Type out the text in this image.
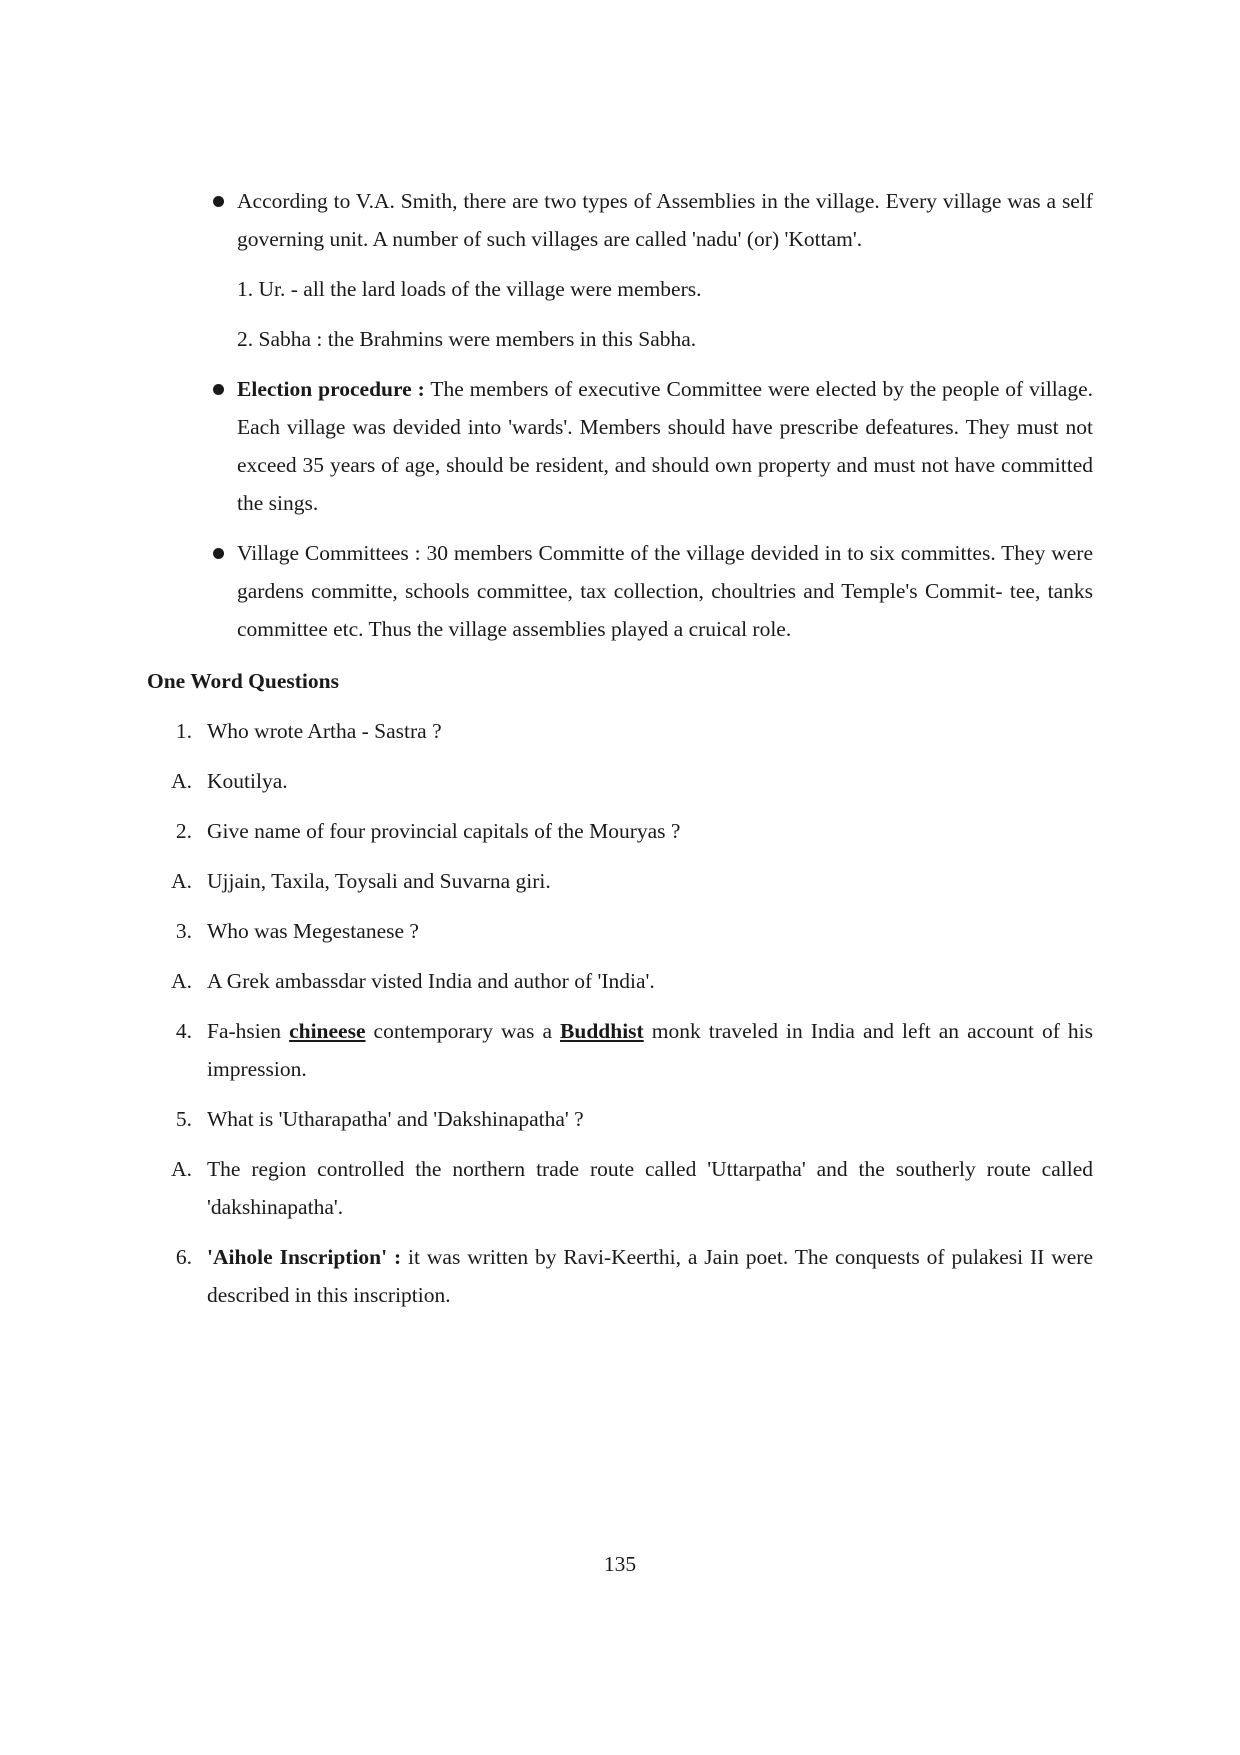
According to V.A. Smith, there are two types of Assemblies in the village. Every village was a self governing unit. A number of such villages are called 'nadu' (or) 'Kottam'.
1. Ur. - all the lard loads of the village were members.
2. Sabha : the Brahmins were members in this Sabha.
Election procedure : The members of executive Committee were elected by the people of village. Each village was devided into 'wards'. Members should have prescribe defeatures. They must not exceed 35 years of age, should be resident, and should own property and must not have committed the sings.
Village Committees : 30 members Committe of the village devided in to six committes. They were gardens committe, schools committee, tax collection, choultries and Temple's Commit- tee, tanks committee etc. Thus the village assemblies played a cruical role.
One Word Questions
1. Who wrote Artha - Sastra ?
A. Koutilya.
2. Give name of four provincial capitals of the Mouryas ?
A. Ujjain, Taxila, Toysali and Suvarna giri.
3. Who was Megestanese ?
A. A Grek ambassdar visted India and author of 'India'.
4. Fa-hsien chineese contemporary was a Buddhist monk traveled in India and left an account of his impression.
5. What is 'Utharapatha' and 'Dakshinapatha' ?
A. The region controlled the northern trade route called 'Uttarpatha' and the southerly route called 'dakshinapatha'.
6. 'Aihole Inscription' : it was written by Ravi-Keerthi, a Jain poet. The conquests of pulakesi II were described in this inscription.
135
